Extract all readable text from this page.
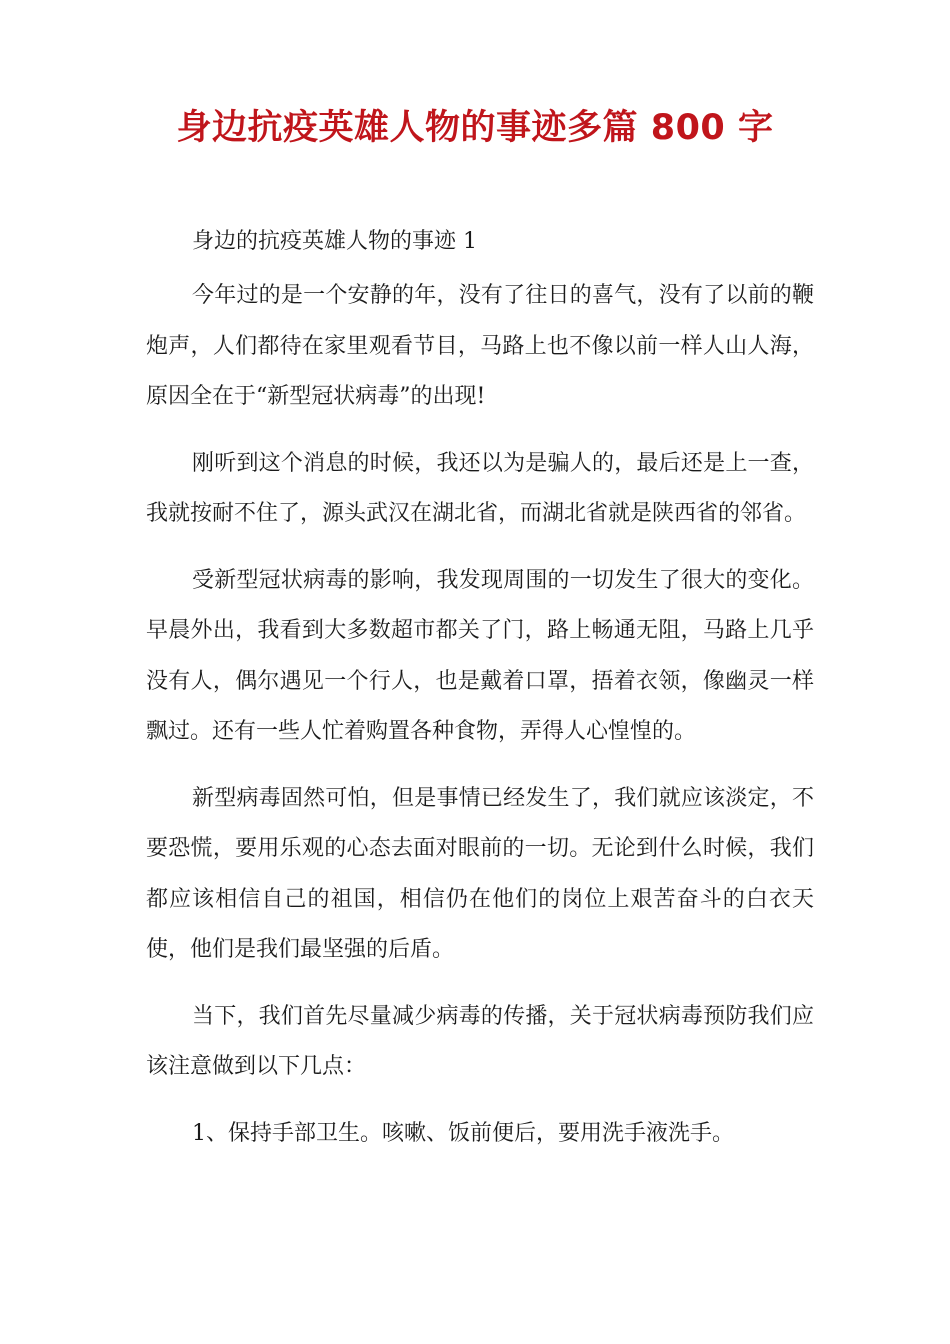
身边抗疫英雄人物的事迹多篇 800 字

身边的抗疫英雄人物的事迹 1

今年过的是一个安静的年，没有了往日的喜气，没有了以前的鞭炮声，人们都待在家里观看节目，马路上也不像以前一样人山人海，原因全在于“新型冠状病毒”的出现!

刚听到这个消息的时候，我还以为是骗人的，最后还是上一查，我就按耐不住了，源头武汉在湖北省，而湖北省就是陕西省的邻省。

受新型冠状病毒的影响，我发现周围的一切发生了很大的变化。早晨外出，我看到大多数超市都关了门，路上畅通无阻，马路上几乎没有人，偶尔遇见一个行人，也是戴着口罩，捂着衣领，像幽灵一样飘过。还有一些人忙着购置各种食物，弄得人心惶惶的。

新型病毒固然可怕，但是事情已经发生了，我们就应该淡定，不要恐慌，要用乐观的心态去面对眼前的一切。无论到什么时候，我们都应该相信自己的祖国，相信仍在他们的岗位上艰苦奋斗的白衣天使，他们是我们最坚强的后盾。

当下，我们首先尽量减少病毒的传播，关于冠状病毒预防我们应该注意做到以下几点：

1、保持手部卫生。咳嗽、饭前便后，要用洗手液洗手。
